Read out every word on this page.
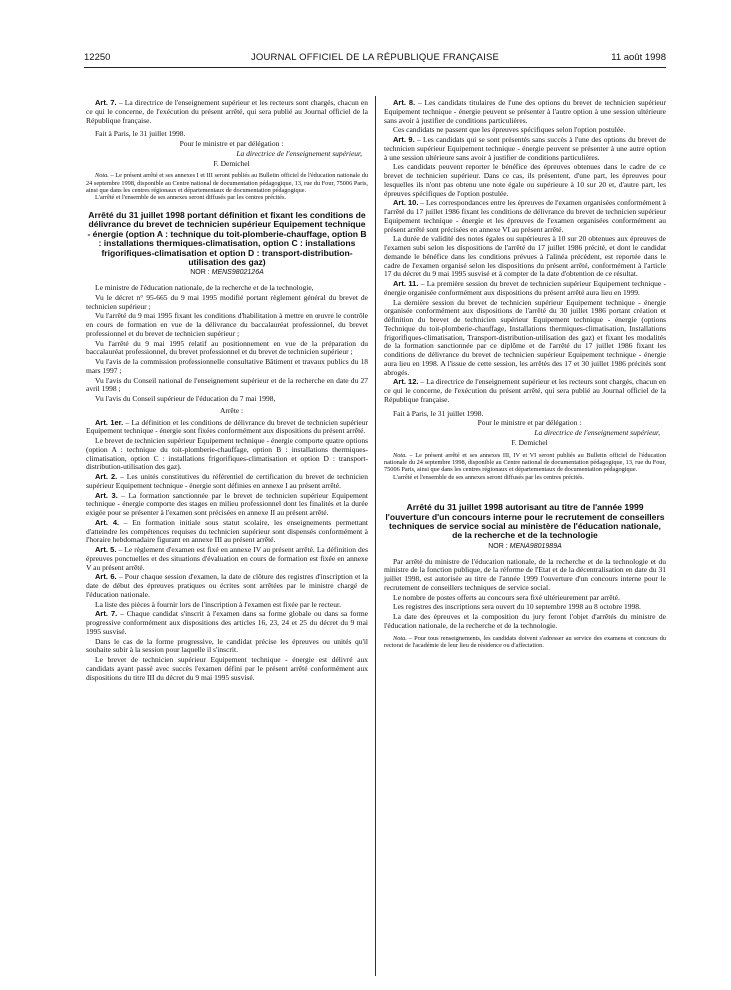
12250	JOURNAL OFFICIEL DE LA RÉPUBLIQUE FRANÇAISE	11 août 1998

Art. 7. – La directrice de l'enseignement supérieur et les recteurs sont chargés, chacun en ce qui le concerne, de l'exécution du présent arrêté, qui sera publié au Journal officiel de la République française.

Fait à Paris, le 31 juillet 1998.

Pour le ministre et par délégation :

La directrice de l'enseignement supérieur,

F. Demichel

Nota. – Le présent arrêté et ses annexes I et III seront publiés au Bulletin officiel de l'éducation nationale du 24 septembre 1998, disponible au Centre national de documentation pédagogique, 13, rue du Four, 75006 Paris, ainsi que dans les centres régionaux et départementaux de documentation pédagogique.

L'arrêté et l'ensemble de ses annexes seront diffusés par les centres précités.

Arrêté du 31 juillet 1998 portant définition et fixant les conditions de délivrance du brevet de technicien supérieur Equipement technique - énergie (option A : technique du toit-plomberie-chauffage, option B : installations thermiques-climatisation, option C : installations frigorifiques-climatisation et option D : transport-distribution-utilisation des gaz)
NOR : MENS9802126A

Le ministre de l'éducation nationale, de la recherche et de la technologie,

Vu le décret n° 95-665 du 9 mai 1995 modifié portant règlement général du brevet de technicien supérieur ;

Vu l'arrêté du 9 mai 1995 fixant les conditions d'habilitation à mettre en œuvre le contrôle en cours de formation en vue de la délivrance du baccalauréat professionnel, du brevet professionnel et du brevet de technicien supérieur ;

Vu l'arrêté du 9 mai 1995 relatif au positionnement en vue de la préparation du baccalauréat professionnel, du brevet professionnel et du brevet de technicien supérieur ;

Vu l'avis de la commission professionnelle consultative Bâtiment et travaux publics du 18 mars 1997 ;

Vu l'avis du Conseil national de l'enseignement supérieur et de la recherche en date du 27 avril 1998 ;

Vu l'avis du Conseil supérieur de l'éducation du 7 mai 1998,

Arrête :

Art. 1er. – La définition et les conditions de délivrance du brevet de technicien supérieur Equipement technique - énergie sont fixées conformément aux dispositions du présent arrêté.

Le brevet de technicien supérieur Equipement technique - énergie comporte quatre options (option A : technique du toit-plomberie-chauffage, option B : installations thermiques-climatisation, option C : installations frigorifiques-climatisation et option D : transport-distribution-utilisation des gaz).

Art. 2. – Les unités constitutives du référentiel de certification du brevet de technicien supérieur Equipement technique - énergie sont définies en annexe I au présent arrêté.

Art. 3. – La formation sanctionnée par le brevet de technicien supérieur Equipement technique - énergie comporte des stages en milieu professionnel dont les finalités et la durée exigée pour se présenter à l'examen sont précisées en annexe II au présent arrêté.

Art. 4. – En formation initiale sous statut scolaire, les enseignements permettant d'atteindre les compétences requises du technicien supérieur sont dispensés conformément à l'horaire hebdomadaire figurant en annexe III au présent arrêté.

Art. 5. – Le règlement d'examen est fixé en annexe IV au présent arrêté. La définition des épreuves ponctuelles et des situations d'évaluation en cours de formation est fixée en annexe V au présent arrêté.

Art. 6. – Pour chaque session d'examen, la date de clôture des registres d'inscription et la date de début des épreuves pratiques ou écrites sont arrêtées par le ministre chargé de l'éducation nationale.

La liste des pièces à fournir lors de l'inscription à l'examen est fixée par le recteur.

Art. 7. – Chaque candidat s'inscrit à l'examen dans sa forme globale ou dans sa forme progressive conformément aux dispositions des articles 16, 23, 24 et 25 du décret du 9 mai 1995 susvisé.

Dans le cas de la forme progressive, le candidat précise les épreuves ou unités qu'il souhaite subir à la session pour laquelle il s'inscrit.

Le brevet de technicien supérieur Equipement technique - énergie est délivré aux candidats ayant passé avec succès l'examen défini par le présent arrêté conformément aux dispositions du titre III du décret du 9 mai 1995 susvisé.

Art. 8. – Les candidats titulaires de l'une des options du brevet de technicien supérieur Equipement technique - énergie peuvent se présenter à l'autre option à une session ultérieure sans avoir à justifier de conditions particulières.

Ces candidats ne passent que les épreuves spécifiques selon l'option postulée.

Art. 9. – Les candidats qui se sont présentés sans succès à l'une des options du brevet de technicien supérieur Equipement technique - énergie peuvent se présenter à une autre option à une session ultérieure sans avoir à justifier de conditions particulières.

Les candidats peuvent reporter le bénéfice des épreuves obtenues dans le cadre de ce brevet de technicien supérieur. Dans ce cas, ils présentent, d'une part, les épreuves pour lesquelles ils n'ont pas obtenu une note égale ou supérieure à 10 sur 20 et, d'autre part, les épreuves spécifiques de l'option postulée.

Art. 10. – Les correspondances entre les épreuves de l'examen organisées conformément à l'arrêté du 17 juillet 1986 fixant les conditions de délivrance du brevet de technicien supérieur Equipement technique - énergie et les épreuves de l'examen organisées conformément au présent arrêté sont précisées en annexe VI au présent arrêté.

La durée de validité des notes égales ou supérieures à 10 sur 20 obtenues aux épreuves de l'examen subi selon les dispositions de l'arrêté du 17 juillet 1986 précité, et dont le candidat demande le bénéfice dans les conditions prévues à l'alinéa précédent, est reportée dans le cadre de l'examen organisé selon les dispositions du présent arrêté, conformément à l'article 17 du décret du 9 mai 1995 susvisé et à compter de la date d'obtention de ce résultat.

Art. 11. – La première session du brevet de technicien supérieur Equipement technique - énergie organisée conformément aux dispositions du présent arrêté aura lieu en 1999.

La dernière session du brevet de technicien supérieur Equipement technique - énergie organisée conformément aux dispositions de l'arrêté du 30 juillet 1986 portant création et définition du brevet de technicien supérieur Equipement technique - énergie (options Technique du toit-plomberie-chauffage, Installations thermiques-climatisation, Installations frigorifiques-climatisation, Transport-distribution-utilisation des gaz) et fixant les modalités de la formation sanctionnée par ce diplôme et de l'arrêté du 17 juillet 1986 fixant les conditions de délivrance du brevet de technicien supérieur Equipement technique - énergie aura lieu en 1998. A l'issue de cette session, les arrêtés des 17 et 30 juillet 1986 précités sont abrogés.

Art. 12. – La directrice de l'enseignement supérieur et les recteurs sont chargés, chacun en ce qui le concerne, de l'exécution du présent arrêté, qui sera publié au Journal officiel de la République française.

Fait à Paris, le 31 juillet 1998.

Pour le ministre et par délégation :

La directrice de l'enseignement supérieur,

F. Demichel

Nota. – Le présent arrêté et ses annexes III, IV et VI seront publiés au Bulletin officiel de l'éducation nationale du 24 septembre 1998, disponible au Centre national de documentation pédagogique, 13, rue du Four, 75006 Paris, ainsi que dans les centres régionaux et départementaux de documentation pédagogique.

L'arrêté et l'ensemble de ses annexes seront diffusés par les centres précités.

Arrêté du 31 juillet 1998 autorisant au titre de l'année 1999 l'ouverture d'un concours interne pour le recrutement de conseillers techniques de service social au ministère de l'éducation nationale, de la recherche et de la technologie
NOR : MENA9801989A

Par arrêté du ministre de l'éducation nationale, de la recherche et de la technologie et du ministre de la fonction publique, de la réforme de l'Etat et de la décentralisation en date du 31 juillet 1998, est autorisée au titre de l'année 1999 l'ouverture d'un concours interne pour le recrutement de conseillers techniques de service social.

Le nombre de postes offerts au concours sera fixé ultérieurement par arrêté.

Les registres des inscriptions sera ouvert du 10 septembre 1998 au 8 octobre 1998.

La date des épreuves et la composition du jury feront l'objet d'arrêtés du ministre de l'éducation nationale, de la recherche et de la technologie.

Nota. – Pour tous renseignements, les candidats doivent s'adresser au service des examens et concours du rectorat de l'académie de leur lieu de résidence ou d'affectation.
